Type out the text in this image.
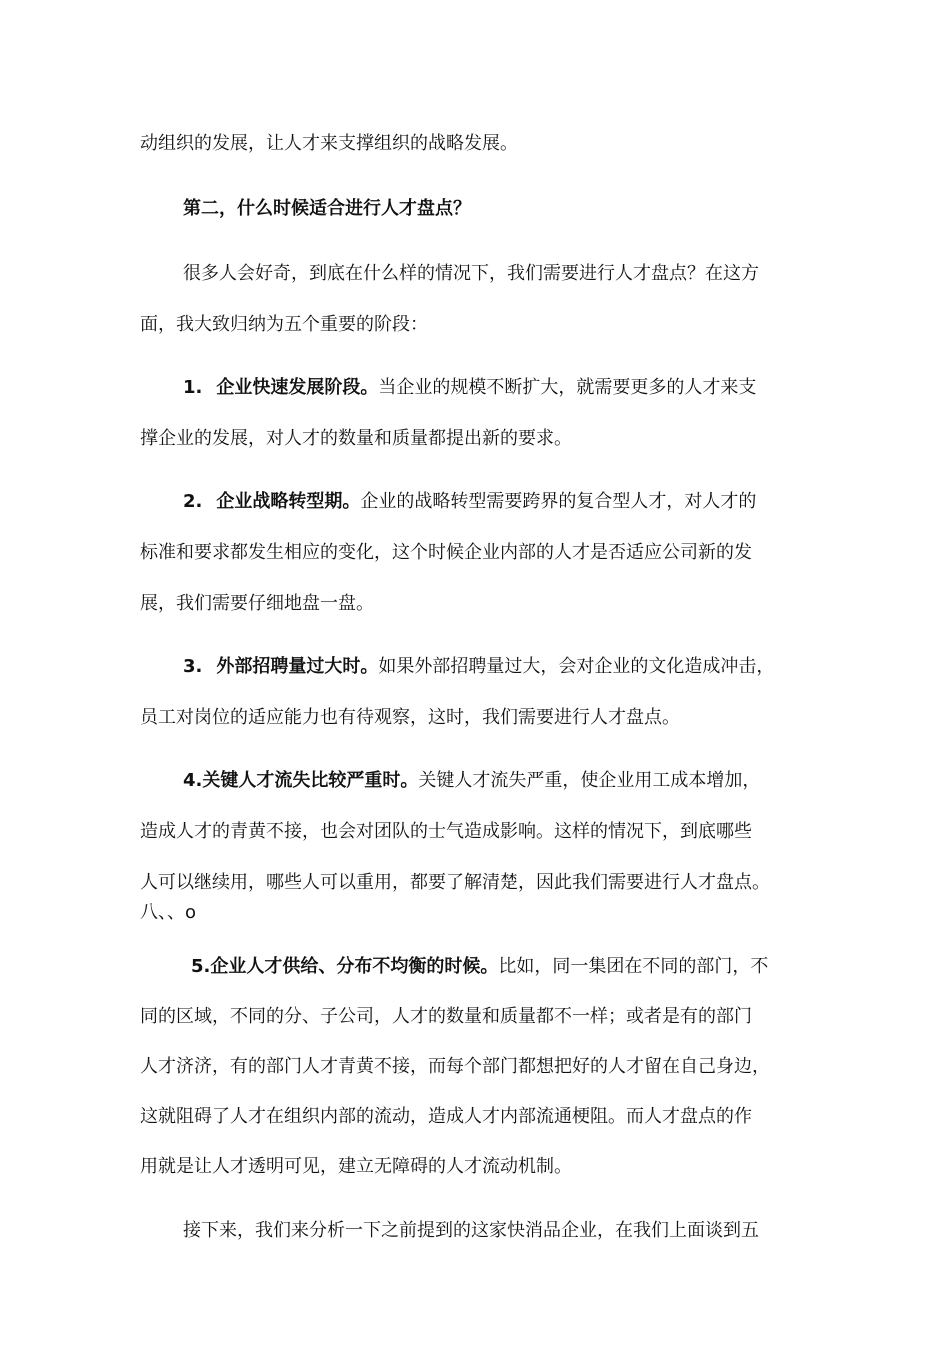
动组织的发展，让人才来支撑组织的战略发展。
第二，什么时候适合进行人才盘点？
很多人会好奇，到底在什么样的情况下，我们需要进行人才盘点？在这方
面，我大致归纳为五个重要的阶段：
1. 企业快速发展阶段。当企业的规模不断扩大，就需要更多的人才来支
撑企业的发展，对人才的数量和质量都提出新的要求。
2. 企业战略转型期。企业的战略转型需要跨界的复合型人才，对人才的
标准和要求都发生相应的变化，这个时候企业内部的人才是否适应公司新的发
展，我们需要仔细地盘一盘。
3. 外部招聘量过大时。如果外部招聘量过大，会对企业的文化造成冲击，
员工对岗位的适应能力也有待观察，这时，我们需要进行人才盘点。
4.关键人才流失比较严重时。关键人才流失严重，使企业用工成本增加，
造成人才的青黄不接，也会对团队的士气造成影响。这样的情况下，到底哪些
人可以继续用，哪些人可以重用，都要了解清楚，因此我们需要进行人才盘点。
八、、o
5.企业人才供给、分布不均衡的时候。比如，同一集团在不同的部门，不
同的区域，不同的分、子公司，人才的数量和质量都不一样；或者是有的部门
人才济济，有的部门人才青黄不接，而每个部门都想把好的人才留在自己身边，
这就阻碍了人才在组织内部的流动，造成人才内部流通梗阻。而人才盘点的作
用就是让人才透明可见，建立无障碍的人才流动机制。
接下来，我们来分析一下之前提到的这家快消品企业，在我们上面谈到五
